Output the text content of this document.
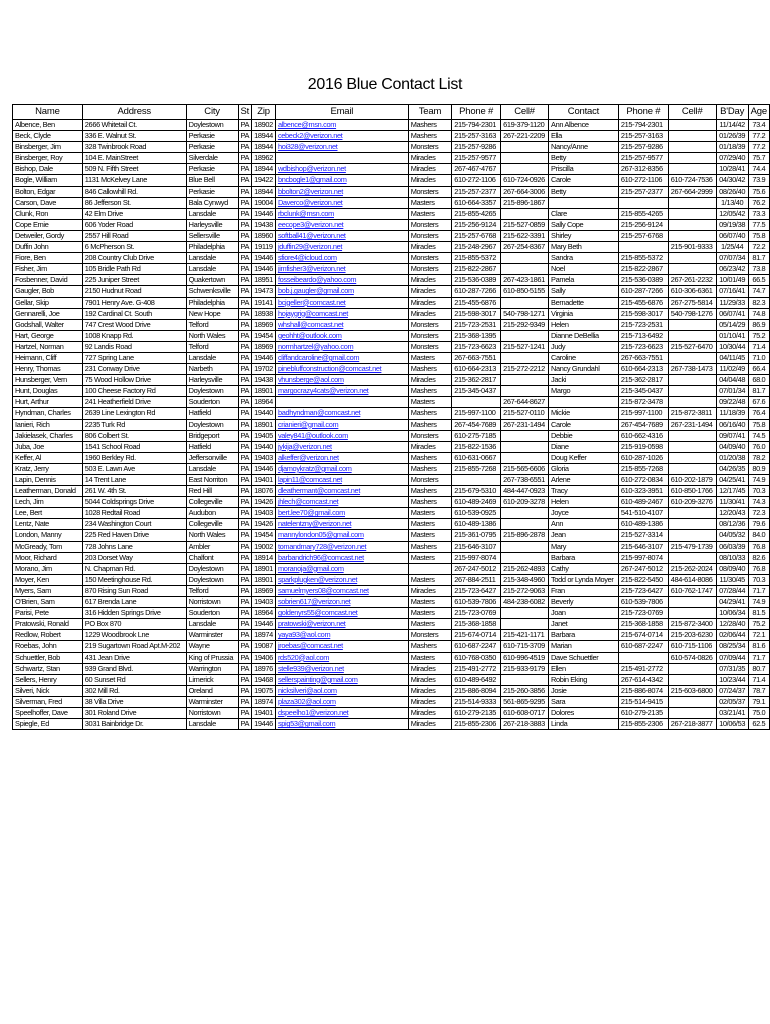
2016 Blue Contact List
Name	Address	City	St	Zip	Email	Team	Phone #	Cell#	Contact	Phone #	Cell#	B'Day	Age
Albence, Ben	2666 Whitetail Ct.	Doylestown	PA	18902	albence@msn.com	Mashers	215-794-2301	619-379-1120	Ann Albence	215-794-2301		11/14/42	73.4
Beck, Clyde	336 E. Walnut St.	Perkasie	PA	18944	cebeck2@verizon.net	Mashers	215-257-3163	267-221-2209	Ella	215-257-3163		01/26/39	77.2
Binsberger, Jim	328 Twinbrook Road	Perkasie	PA	18944	hoi328@verizon.net	Monsters	215-257-9286		Nancy/Anne	215-257-9286		01/18/39	77.2
Binsberger, Roy	104 E. MainStreet	Silverdale	PA	18962		Miracles	215-257-9577		Betty	215-257-9577		07/29/40	75.7
Bishop, Dale	509 N. Fifth Street	Perkasie	PA	18944	wdbishop@verizon.net	Miracles	267-467-4767		Priscilla	267-312-8356		10/28/41	74.4
Bogle, William	1131 McKelvey Lane	Blue Bell	PA	19422	bncbogle1@gmail.com	Miracles	610-272-1106	610-724-0926	Carole	610-272-1106	610-724-7536	04/30/42	73.9
Bolton, Edgar	846 Callowhill Rd.	Perkasie	PA	18944	bbolton2@verizon.net	Monsters	215-257-2377	267-664-3006	Betty	215-257-2377	267-664-2999	08/26/40	75.6
Carson, Dave	86 Jefferson St.	Bala Cynwyd	PA	19004	Daverco@verizon.net	Masters	610-664-3357	215-896-1867				1/13/40	76.2
Clunk, Ron	42 Elm Drive	Lansdale	PA	19446	rbclunk@msn.com	Masters	215-855-4265		Clare	215-855-4265		12/05/42	73.3
Cope Ernie	606 Yoder Road	Harleysville	PA	19438	eecope3@verizon.net	Monsters	215-256-9124	215-527-0859	Sally Cope	215-256-9124		09/19/38	77.5
Detweiler, Gordy	2557 Hill Road	Sellersville	PA	18960	softball41@verizon.net	Monsters	215-257-6768	215-622-3391	Shirley	215-257-6768		06/07/40	75.8
Duffin John	6 McPherson St.	Philadelphia	PA	19119	jduffin29@verizon.net	Miracles	215-248-2967	267-254-8367	Mary Beth		215-901-9333	1/25/44	72.2
Fiore, Ben	208 Country Club Drive	Lansdale	PA	19446	sfiore4@icloud.com	Monsters	215-855-5372		Sandra	215-855-5372		07/07/34	81.7
Fisher, Jim	105 Bridle Path Rd	Lansdale	PA	19446	jimfisher3@verizon.net	Monsters	215-822-2867		Noel	215-822-2867		06/23/42	73.8
Fosbenner, David	225 Juniper Street	Quakertown	PA	18951	fosseibeardo@yahoo.com	Miracles	215-536-0389	267-423-1861	Pamela	215-536-0389	267-261-2232	10/01/49	66.5
Gaugler, Bob	2150 Hudnut Road	Schwenksville	PA	19473	bob.j.gaugler@gmail.com	Miracles	610-287-7266	610-850-5155	Sally	610-287-7266	610-306-6361	07/16/41	74.7
Gellar, Skip	7901 Henry Ave. G-408	Philadelphia	PA	19141	bcjgeller@comcast.net	Miracles	215-455-6876		Bernadette	215-455-6876	267-275-5814	11/29/33	82.3
Gennarelli, Joe	192 Cardinal Ct. South	New Hope	PA	18938	hojaygrig@comcast.net	Miracles	215-598-3017	540-798-1271	Virginia	215-598-3017	540-798-1276	06/07/41	74.8
Godshall, Walter	747 Crest Wood Drive	Telford	PA	18969	whshall@comcast.net	Monsters	215-723-2531	215-292-9349	Helen	215-723-2531		05/14/29	86.9
Hart, George	1008 Knapp Rd.	North Wales	PA	19454	geohht@outlook.com	Monsters	215-368-1395		Dianne DeBellia	215-713-6492		01/10/41	75.2
Hartzel, Norman	92 Landis Road	Telford	PA	18969	normhartzel@yahoo.com	Monsters	215-723-6623	215-527-1241	Judy	215-723-6623	215-527-6470	10/30/44	71.4
Heimann, Cliff	727 Spring Lane	Lansdale	PA	19446	cliffandcaroline@gmail.com	Masters	267-663-7551		Caroline	267-663-7551		04/11/45	71.0
Henry, Thomas	231 Conway Drive	Narbeth	PA	19702	pinebluffconstruction@comcast.net	Mashers	610-664-2313	215-272-2212	Nancy Grundahl	610-664-2313	267-738-1473	11/02/49	66.4
Hunsberger, Vern	75 Wood Hollow Drive	Harleysville	PA	19438	vhunsberge@aol.com	Miracles	215-362-2817		Jacki	215-362-2817		04/04/48	68.0
Hunt, Douglas	100 Cheese Factory Rd	Doylestown	PA	18901	margocrazy4cats@verizon.net	Mashers	215-345-0437		Margo	215-345-0437		07/01/34	81.7
Hurt, Arthur	241 Heatherfield Drive	Souderton	PA	18964		Masters		267-644-8627		215-872-3478		09/22/48	67.6
Hyndman, Charles	2639 Line Lexington Rd	Hatfield	PA	19440	badhyndman@comcast.net	Mashers	215-997-1100	215-527-0110	Mickie	215-997-1100	215-872-3811	11/18/39	76.4
Ianieri, Rich	2235 Turk Rd	Doylestown	PA	18901	crianieri@gmail.com	Mashers	267-454-7689	267-231-1494	Carole	267-454-7689	267-231-1494	06/16/40	75.8
Jakielasek, Charles	806 Colbert St.	Bridgeport	PA	19405	valey841@outlook.com	Monsters	610-275-7185		Debbie	610-662-4316		09/07/41	74.5
Juba, Joe	1541 School Road	Hatfield	PA	19440	jykija@verizon.net	Miracles	215-822-1536		Diane	215-919-0598		04/09/40	76.0
Keffer, Al	1960 Berkley Rd.	Jeffersonville	PA	19403	alkeffer@verizon.net	Mashers	610-631-0667		Doug Keffer	610-287-1026		01/20/38	78.2
Kratz, Jerry	503 E. Lawn Ave	Lansdale	PA	19446	djamoykratz@gmail.com	Mashers	215-855-7268	215-565-6606	Gloria	215-855-7268		04/26/35	80.9
Lapin, Dennis	14 Trent Lane	East Norriton	PA	19401	lapin11@comcast.net	Monsters		267-738-6551	Arlene	610-272-0834	610-202-1879	04/25/41	74.9
Leatherman, Donald	261 W. 4th St.	Red Hill	PA	18076	dleathermant@comcast.net	Mashers	215-679-5310	484-447-0923	Tracy	610-323-3951	610-850-1766	12/17/45	70.3
Lech, Jim	5044 Coldsprings Drive	Collegeville	PA	19426	jhlech@comcast.net	Mashers	610-489-2469	610-209-3278	Helen	610-489-2467	610-209-3276	11/30/41	74.3
Lee, Bert	1028 Redtail Road	Audubon	PA	19403	bert.lee70@gmail.com	Masters	610-539-0925		Joyce	541-510-4107		12/20/43	72.3
Lentz, Nate	234 Washington Court	Collegeville	PA	19426	natelentzny@verizon.net	Masters	610-489-1386		Ann	610-489-1386		08/12/36	79.6
London, Manny	225 Red Haven Drive	North Wales	PA	19454	mannylondon05@gmail.com	Masters	215-361-0795	215-896-2878	Jean	215-527-3314		04/05/32	84.0
McGready, Tom	728 Johns Lane	Ambler	PA	19002	tomandmary728@verizon.net	Mashers	215-646-3107		Mary	215-646-3107	215-479-1739	06/03/39	76.8
Moor, Richard	203 Dorset Way	Chalfont	PA	18914	barbandrich96@comcast.net	Masters	215-997-8074		Barbara	215-997-8074		08/10/33	82.6
Morano, Jim	N. Chapman Rd.	Doylestown	PA	18901	moranoja@gmail.com		267-247-5012	215-262-4893	Cathy	267-247-5012	215-262-2024	08/09/40	76.8
Moyer, Ken	150 Meetinghouse Rd.	Doylestown	PA	18901	sparkplugken@verizon.net	Masters	267-884-2511	215-348-4960	Todd or Lynda Moyer	215-822-5450	484-614-8086	11/30/45	70.3
Myers, Sam	870 Rising Sun Road	Telford	PA	18969	samuelmyers08@comcast.net	Miracles	215-723-6427	215-272-9063	Fran	215-723-6427	610-762-1747	07/28/44	71.7
O'Brien, Sam	617 Brenda Lane	Norristown	PA	19403	sobrien617@verizon.net	Masters	610-539-7806	484-238-6082	Beverly	610-539-7806		04/29/41	74.9
Parisi, Pete	316 Hidden Springs Drive	Souderton	PA	18964	goldenyrs55@comcast.net	Masters	215-723-0769		Joan	215-723-0769		10/06/34	81.5
Pratowski, Ronald	PO Box 870	Lansdale	PA	19446	pratowski@verizon.net	Masters	215-368-1858		Janet	215-368-1858	215-872-3400	12/28/40	75.2
Redlow, Robert	1229 Woodbrook Lne	Warminster	PA	18974	yaya93@aol.com	Monsters	215-674-0714	215-421-1171	Barbara	215-674-0714	215-203-6230	02/06/44	72.1
Roebas, John	219 Sugartown Road Apt.M-202	Wayne	PA	19087	jroebas@comcast.net	Mashers	610-687-2247	610-715-3709	Marian	610-687-2247	610-715-1106	08/25/34	81.6
Schuettler, Bob	431 Jean Drive	King of Prussia	PA	19406	rds520@aol.com	Masters	610-768-0350	610-996-4519	Dave Schuettler		610-574-0826	07/09/44	71.7
Schwartz, Stan	939 Grand Blvd.	Warrington	PA	18976	stelle939@verizon.net	Miracles	215-491-2772	215-933-9179	Ellen	215-491-2772		07/31/35	80.7
Sellers, Henry	60 Sunset Rd	Limerick	PA	19468	sellerspainting@gmail.com	Miracles	610-489-6492		Robin Eking	267-614-4342		10/23/44	71.4
Silveri, Nick	302 Mill Rd.	Oreland	PA	19075	nicksilveri@aol.com	Miracles	215-886-8094	215-260-3856	Josie	215-886-8074	215-603-6800	07/24/37	78.7
Silverman, Fred	38 Villa Drive	Warminster	PA	18974	plaza302@aol.com	Miracles	215-514-9333	561-865-9295	Sara	215-514-9415		02/05/37	79.1
Speelhoffer, Dave	301 Roland Drive	Norristown	PA	19401	dspeelho1@verizon.net	Miracles	610-279-2135	610-608-0717	Dolores	610-279-2135		03/21/41	75.0
Spiegle, Ed	3031 Bainbridge Dr.	Lansdale	PA	19446	spig53@gmail.com	Miracles	215-855-2306	267-218-3883	Linda	215-855-2306	267-218-3877	10/06/53	62.5
